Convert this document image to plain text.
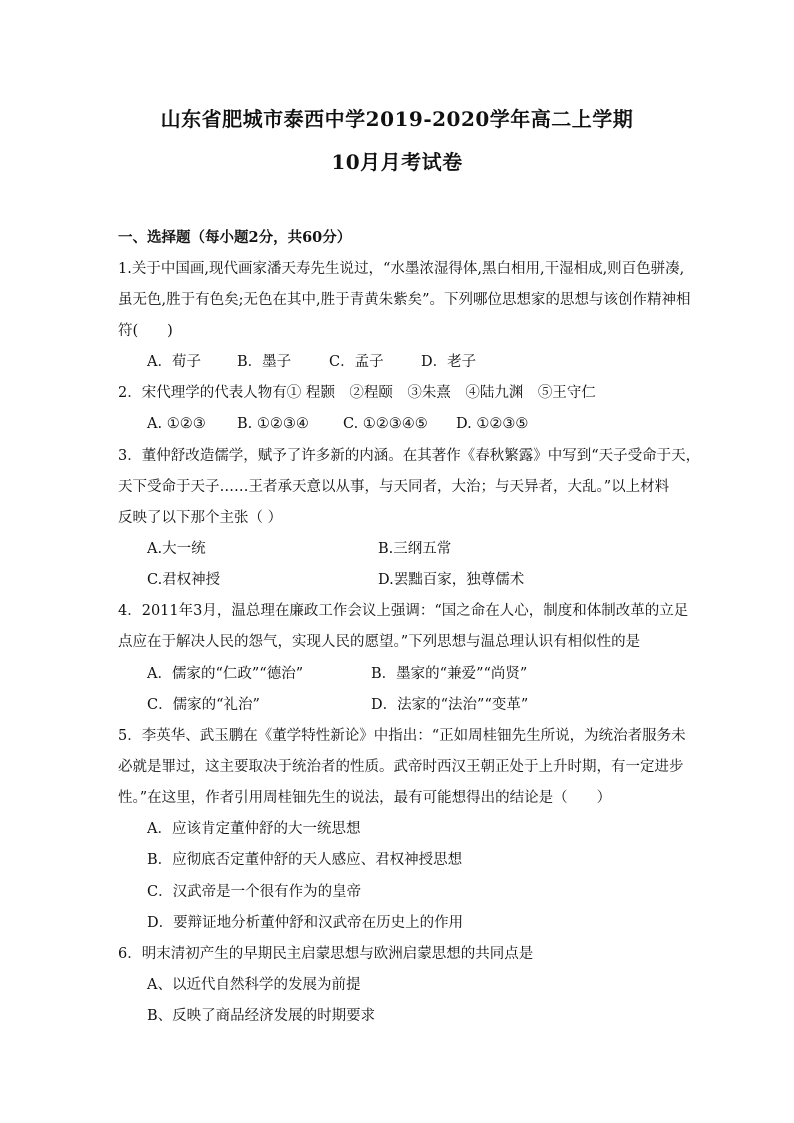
山东省肥城市泰西中学2019-2020学年高二上学期
10月月考试卷
一、选择题（每小题2分，共60分）
1.关于中国画,现代画家潘天寿先生说过，“水墨浓湿得体,黑白相用,干湿相成,则百色骈凑,
虽无色,胜于有色矣;无色在其中,胜于青黄朱紫矣”。下列哪位思想家的思想与该创作精神相
符(　　)
A．荀子 B．墨子	C．孟子	D．老子
2．宋代理学的代表人物有① 程颢　②程颐　③朱熹　④陆九渊　⑤王守仁
A. ①②③ B. ①②③④ C. ①②③④⑤ D. ①②③⑤
3．董仲舒改造儒学，赋予了许多新的内涵。在其著作《春秋繁露》中写到“天子受命于天，
天下受命于天子……王者承天意以从事，与天同者，大治；与天异者，大乱。”以上材料
反映了以下那个主张（ ）
A.大一统	B.三纲五常
C.君权神授	D.罢黜百家，独尊儒术
4．2011年3月，温总理在廉政工作会议上强调：“国之命在人心，制度和体制改革的立足
点应在于解决人民的怨气，实现人民的愿望。”下列思想与温总理认识有相似性的是
A．儒家的“仁政”“德治”	B．墨家的“兼爱”“尚贤”
C．儒家的“礼治”	D．法家的“法治”“变革”
5．李英华、武玉鹏在《董学特性新论》中指出：“正如周桂钿先生所说，为统治者服务未
必就是罪过，这主要取决于统治者的性质。武帝时西汉王朝正处于上升时期，有一定进步
性。”在这里，作者引用周桂钿先生的说法，最有可能想得出的结论是（　　）
A．应该肯定董仲舒的大一统思想
B．应彻底否定董仲舒的天人感应、君权神授思想
C．汉武帝是一个很有作为的皇帝
D．要辩证地分析董仲舒和汉武帝在历史上的作用
6．明末清初产生的早期民主启蒙思想与欧洲启蒙思想的共同点是
A、以近代自然科学的发展为前提
B、反映了商品经济发展的时期要求
